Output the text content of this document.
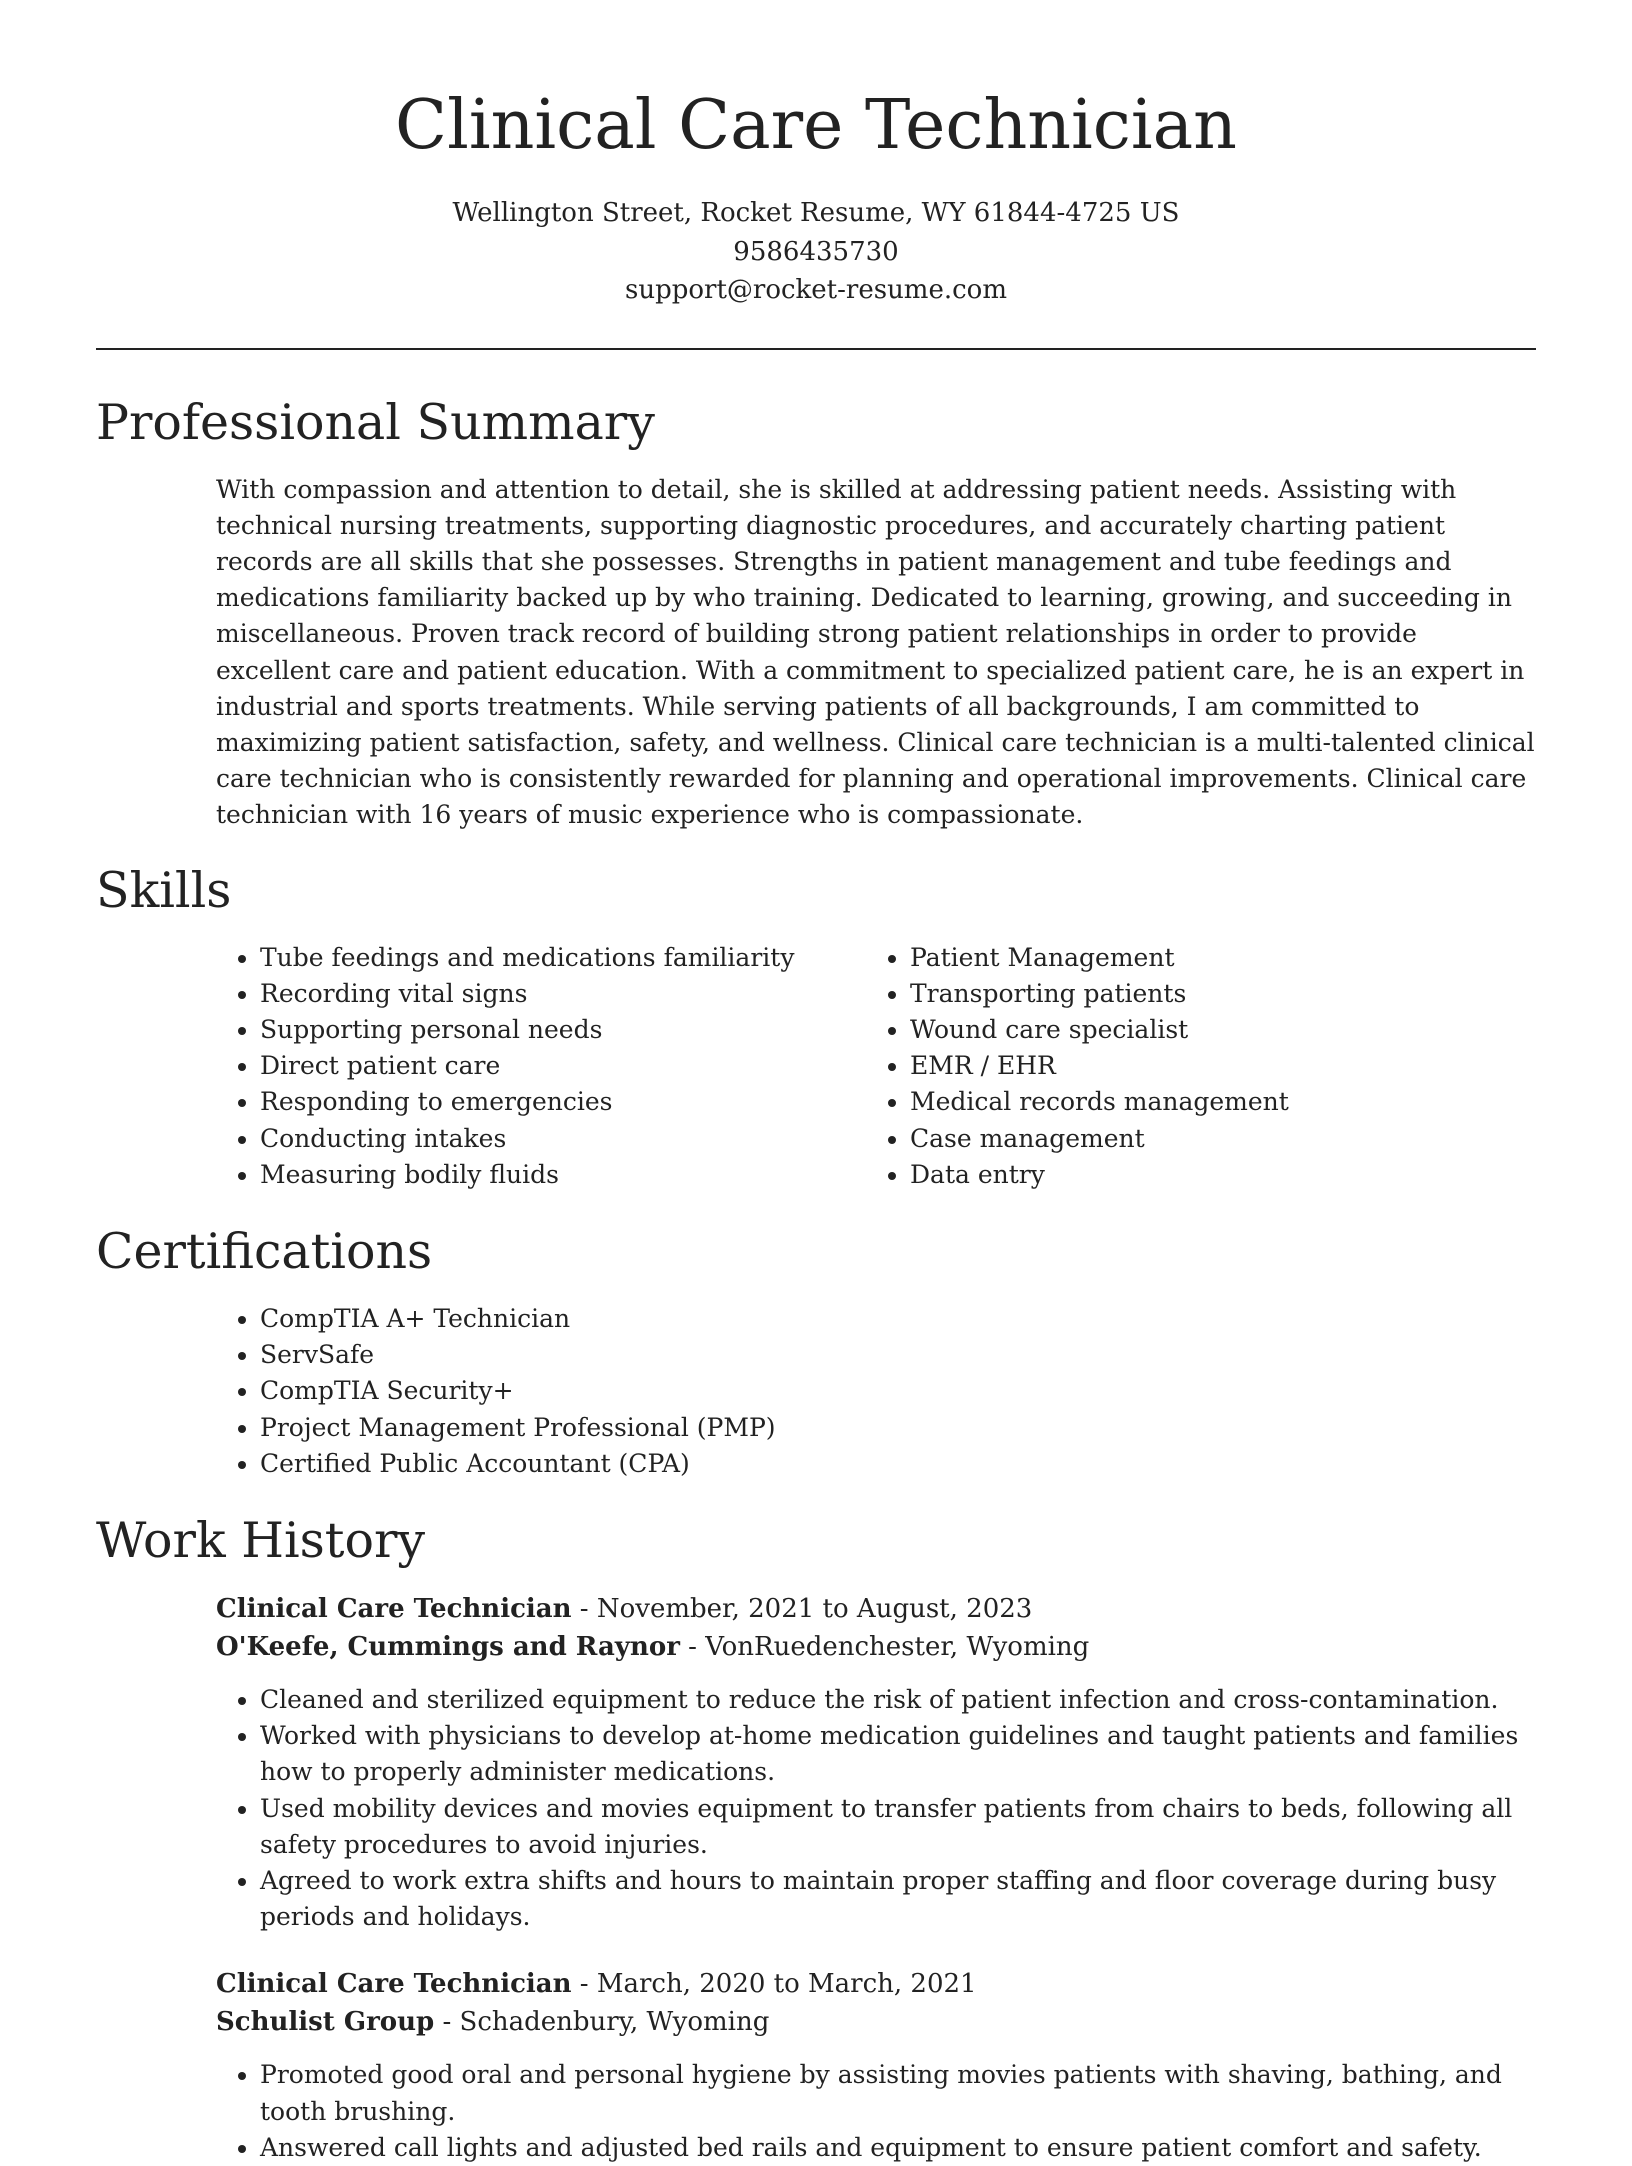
Clinical Care Technician
Wellington Street, Rocket Resume, WY 61844-4725 US
9586435730
support@rocket-resume.com
Professional Summary

With compassion and attention to detail, she is skilled at addressing patient needs. Assisting with technical nursing treatments, supporting diagnostic procedures, and accurately charting patient records are all skills that she possesses. Strengths in patient management and tube feedings and medications familiarity backed up by who training. Dedicated to learning, growing, and succeeding in miscellaneous. Proven track record of building strong patient relationships in order to provide excellent care and patient education. With a commitment to specialized patient care, he is an expert in industrial and sports treatments. While serving patients of all backgrounds, I am committed to maximizing patient satisfaction, safety, and wellness. Clinical care technician is a multi-talented clinical care technician who is consistently rewarded for planning and operational improvements. Clinical care technician with 16 years of music experience who is compassionate.

Skills
• Tube feedings and medications familiarity
• Recording vital signs
• Supporting personal needs
• Direct patient care
• Responding to emergencies
• Conducting intakes
• Measuring bodily fluids
• Patient Management
• Transporting patients
• Wound care specialist
• EMR / EHR
• Medical records management
• Case management
• Data entry
Certifications
• CompTIA A+ Technician
• ServSafe
• CompTIA Security+
• Project Management Professional (PMP)
• Certified Public Accountant (CPA)
Work History
Clinical Care Technician - November, 2021 to August, 2023
O'Keefe, Cummings and Raynor - VonRuedenchester, Wyoming
• Cleaned and sterilized equipment to reduce the risk of patient infection and cross-contamination.
• Worked with physicians to develop at-home medication guidelines and taught patients and families how to properly administer medications.
• Used mobility devices and movies equipment to transfer patients from chairs to beds, following all safety procedures to avoid injuries.
• Agreed to work extra shifts and hours to maintain proper staffing and floor coverage during busy periods and holidays.
Clinical Care Technician - March, 2020 to March, 2021
Schulist Group - Schadenbury, Wyoming
• Promoted good oral and personal hygiene by assisting movies patients with shaving, bathing, and tooth brushing.
• Answered call lights and adjusted bed rails and equipment to ensure patient comfort and safety.
